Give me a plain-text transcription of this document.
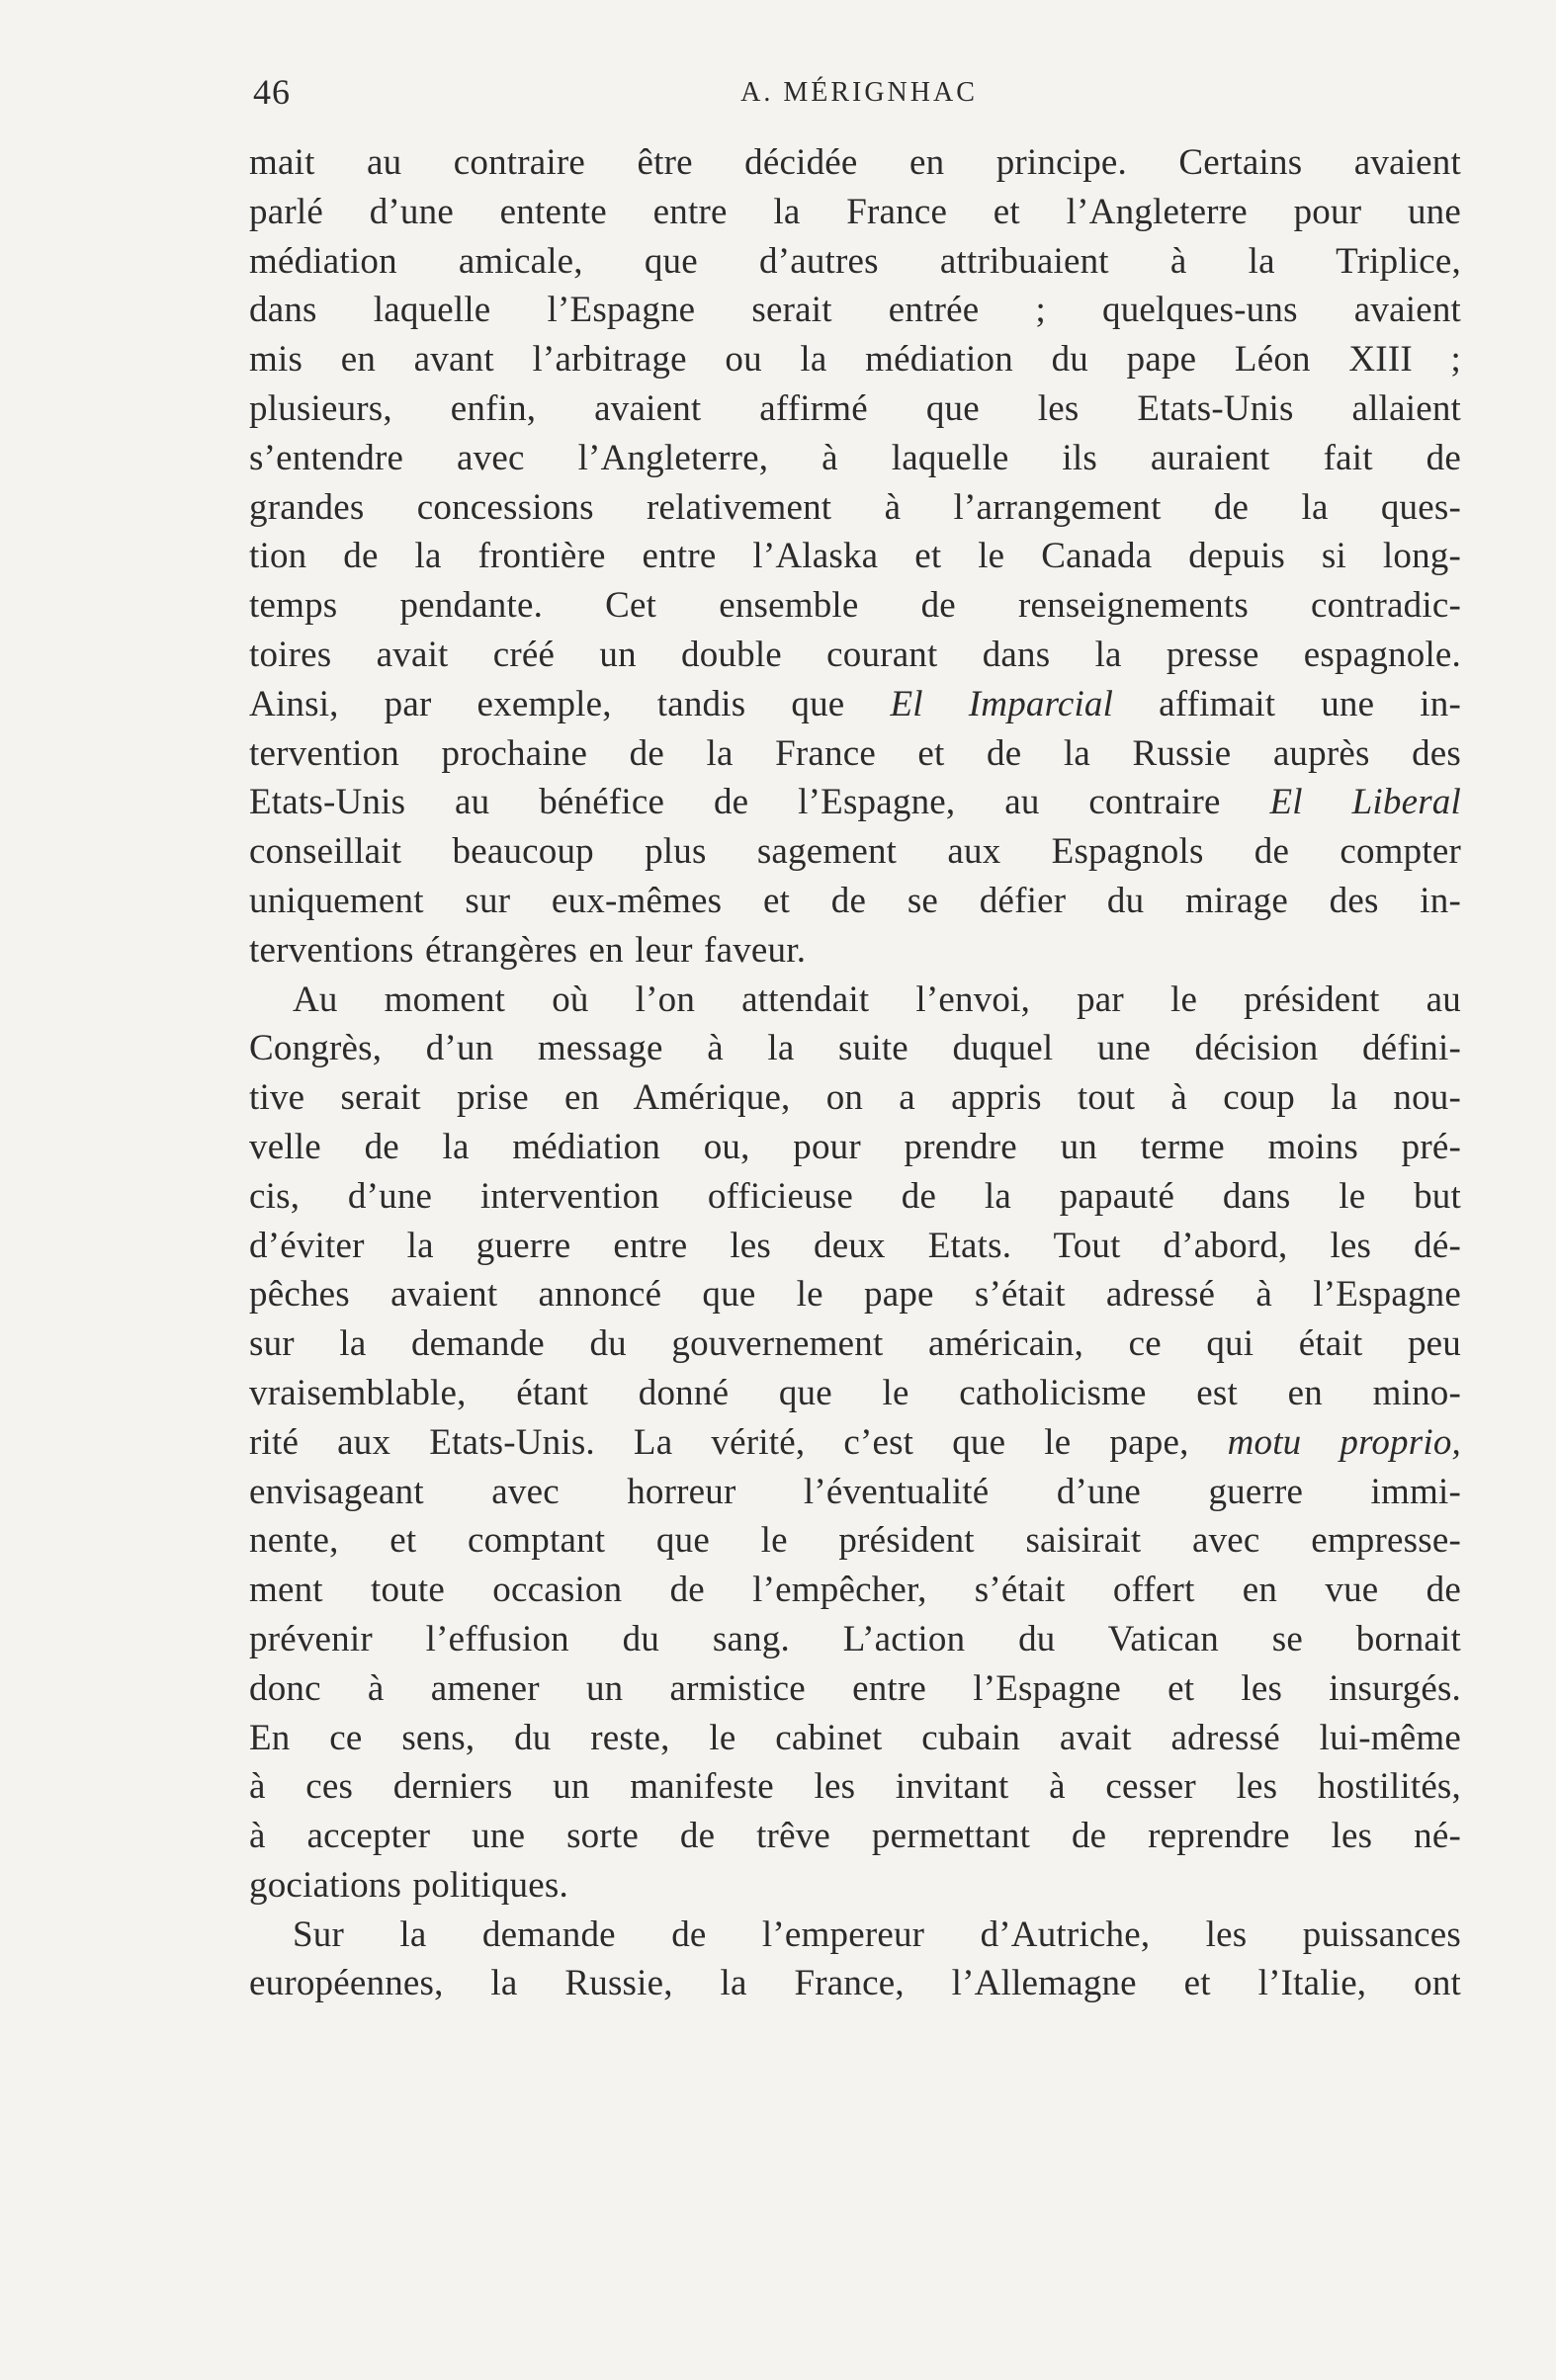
46	A. MÉRIGNHAC
mait au contraire être décidée en principe. Certains avaient
parlé d’une entente entre la France et l’Angleterre pour une
médiation amicale, que d’autres attribuaient à la Triplice,
dans laquelle l’Espagne serait entrée ; quelques-uns avaient
mis en avant l’arbitrage ou la médiation du pape Léon XIII ;
plusieurs, enfin, avaient affirmé que les Etats-Unis allaient
s’entendre avec l’Angleterre, à laquelle ils auraient fait de
grandes concessions relativement à l’arrangement de la ques-
tion de la frontière entre l’Alaska et le Canada depuis si long-
temps pendante. Cet ensemble de renseignements contradic-
toires avait créé un double courant dans la presse espagnole.
Ainsi, par exemple, tandis que El Imparcial affimait une in-
tervention prochaine de la France et de la Russie auprès des
Etats-Unis au bénéfice de l’Espagne, au contraire El Liberal
conseillait beaucoup plus sagement aux Espagnols de compter
uniquement sur eux-mêmes et de se défier du mirage des in-
terventions étrangères en leur faveur.
Au moment où l’on attendait l’envoi, par le président au
Congrès, d’un message à la suite duquel une décision défini-
tive serait prise en Amérique, on a appris tout à coup la nou-
velle de la médiation ou, pour prendre un terme moins pré-
cis, d’une intervention officieuse de la papauté dans le but
d’éviter la guerre entre les deux Etats. Tout d’abord, les dé-
pêches avaient annoncé que le pape s’était adressé à l’Espagne
sur la demande du gouvernement américain, ce qui était peu
vraisemblable, étant donné que le catholicisme est en mino-
rité aux Etats-Unis. La vérité, c’est que le pape, motu proprio,
envisageant avec horreur l’éventualité d’une guerre immi-
nente, et comptant que le président saisirait avec empresse-
ment toute occasion de l’empêcher, s’était offert en vue de
prévenir l’effusion du sang. L’action du Vatican se bornait
donc à amener un armistice entre l’Espagne et les insurgés.
En ce sens, du reste, le cabinet cubain avait adressé lui-même
à ces derniers un manifeste les invitant à cesser les hostilités,
à accepter une sorte de trêve permettant de reprendre les né-
gociations politiques.
Sur la demande de l’empereur d’Autriche, les puissances
européennes, la Russie, la France, l’Allemagne et l’Italie, ont
